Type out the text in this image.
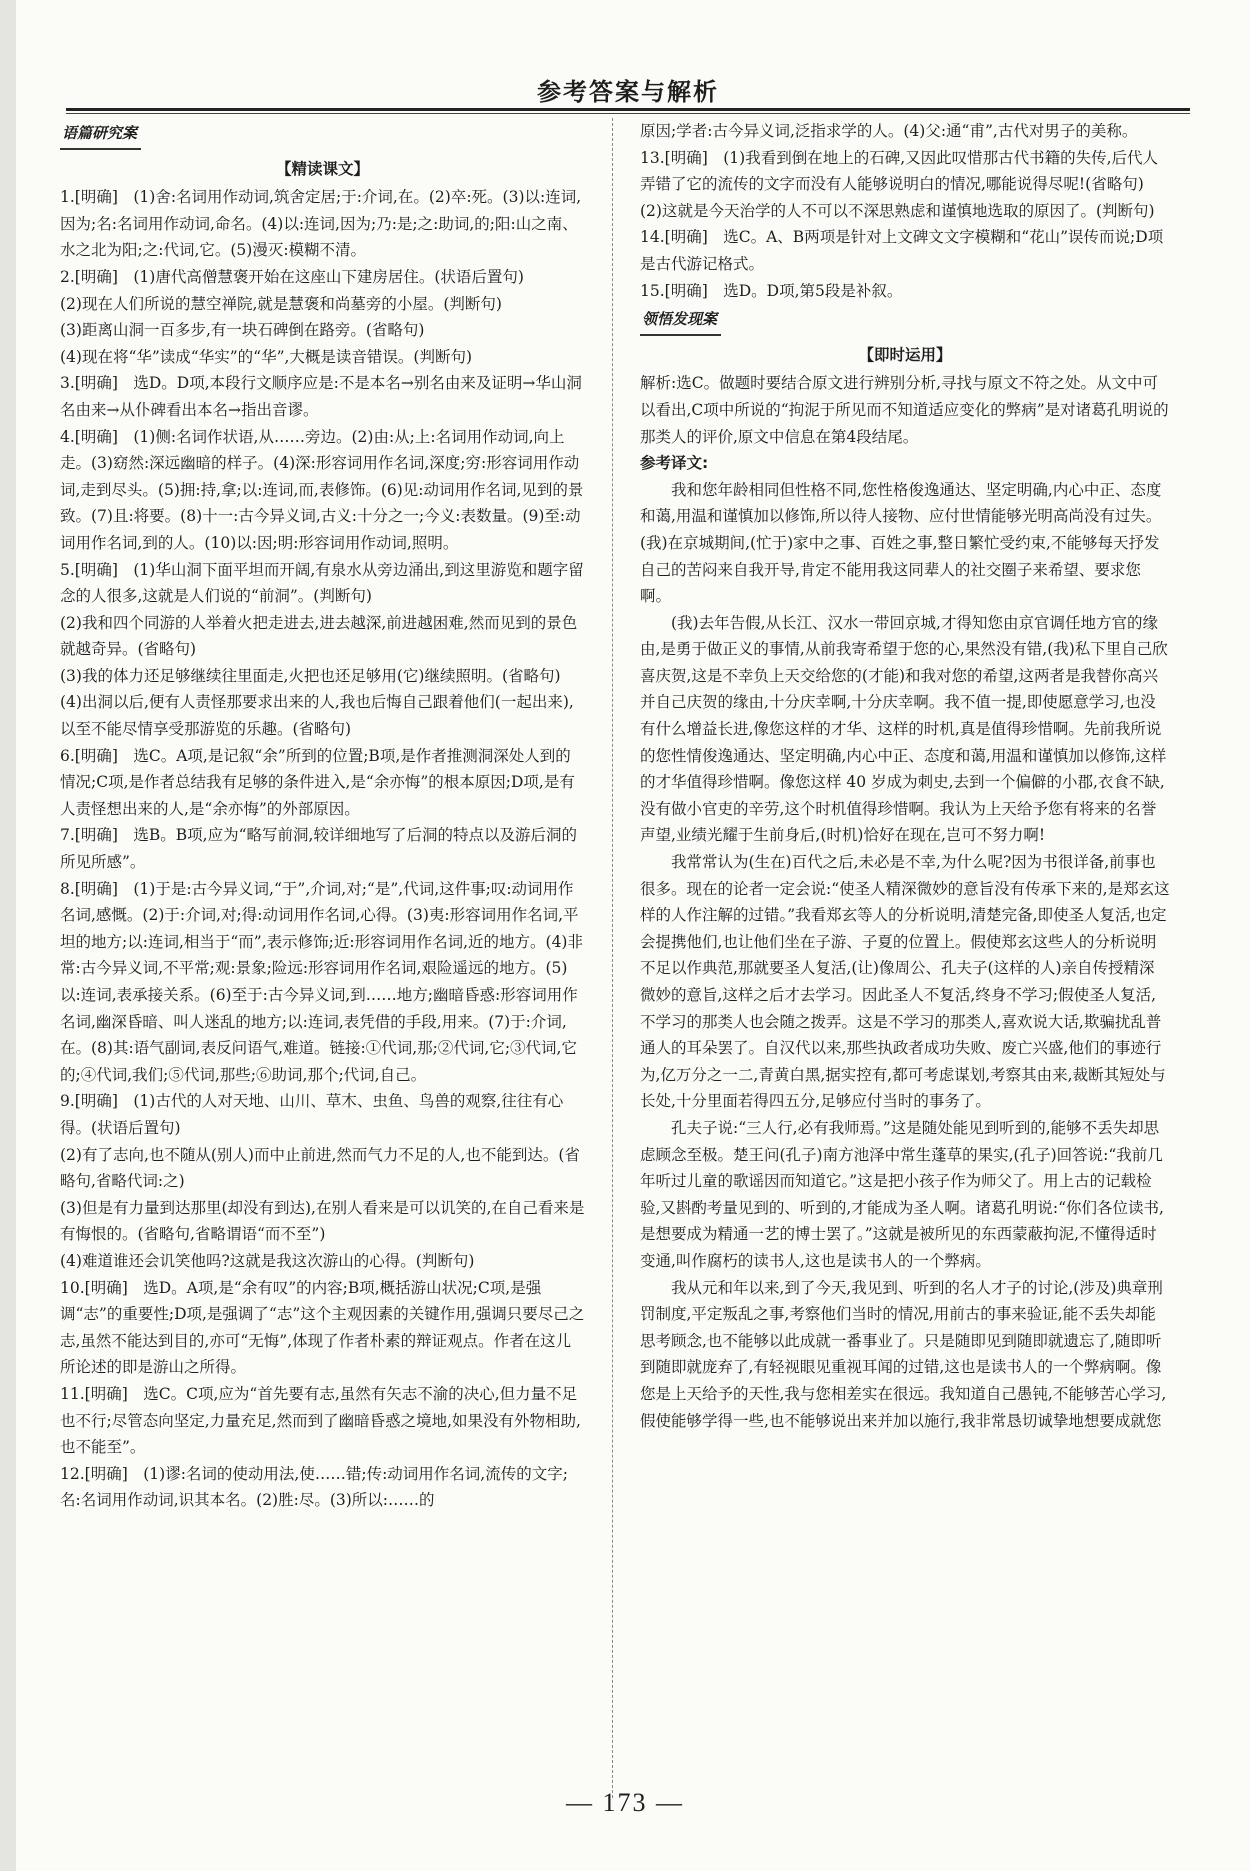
参考答案与解析
语篇研究案
【精读课文】

1.[明确]　(1)舍:名词用作动词,筑舍定居;于:介词,在。(2)卒:死。(3)以:连词,因为;名:名词用作动词,命名。(4)以:连词,因为;乃:是;之:助词,的;阳:山之南、水之北为阳;之:代词,它。(5)漫灭:模糊不清。

2.[明确]　(1)唐代高僧慧褒开始在这座山下建房居住。(状语后置句)

(2)现在人们所说的慧空禅院,就是慧褒和尚墓旁的小屋。(判断句)

(3)距离山洞一百多步,有一块石碑倒在路旁。(省略句)

(4)现在将“华”读成“华实”的“华”,大概是读音错误。(判断句)

3.[明确]　选D。D项,本段行文顺序应是:不是本名→别名由来及证明→华山洞名由来→从仆碑看出本名→指出音谬。

4.[明确]　(1)侧:名词作状语,从……旁边。(2)由:从;上:名词用作动词,向上走。(3)窈然:深远幽暗的样子。(4)深:形容词用作名词,深度;穷:形容词用作动词,走到尽头。(5)拥:持,拿;以:连词,而,表修饰。(6)见:动词用作名词,见到的景致。(7)且:将要。(8)十一:古今异义词,古义:十分之一;今义:表数量。(9)至:动词用作名词,到的人。(10)以:因;明:形容词用作动词,照明。

5.[明确]　(1)华山洞下面平坦而开阔,有泉水从旁边涌出,到这里游览和题字留念的人很多,这就是人们说的“前洞”。(判断句)

(2)我和四个同游的人举着火把走进去,进去越深,前进越困难,然而见到的景色就越奇异。(省略句)

(3)我的体力还足够继续往里面走,火把也还足够用(它)继续照明。(省略句)

(4)出洞以后,便有人责怪那要求出来的人,我也后悔自己跟着他们(一起出来),以至不能尽情享受那游览的乐趣。(省略句)

6.[明确]　选C。A项,是记叙“余”所到的位置;B项,是作者推测洞深处人到的情况;C项,是作者总结我有足够的条件进入,是“余亦悔”的根本原因;D项,是有人责怪想出来的人,是“余亦悔”的外部原因。

7.[明确]　选B。B项,应为“略写前洞,较详细地写了后洞的特点以及游后洞的所见所感”。

8.[明确]　(1)于是:古今异义词,“于”,介词,对;“是”,代词,这件事;叹:动词用作名词,感慨。(2)于:介词,对;得:动词用作名词,心得。(3)夷:形容词用作名词,平坦的地方;以:连词,相当于“而”,表示修饰;近:形容词用作名词,近的地方。(4)非常:古今异义词,不平常;观:景象;险远:形容词用作名词,艰险遥远的地方。(5)以:连词,表承接关系。(6)至于:古今异义词,到……地方;幽暗昏惑:形容词用作名词,幽深昏暗、叫人迷乱的地方;以:连词,表凭借的手段,用来。(7)于:介词,在。(8)其:语气副词,表反问语气,难道。链接:①代词,那;②代词,它;③代词,它的;④代词,我们;⑤代词,那些;⑥助词,那个;代词,自己。

9.[明确]　(1)古代的人对天地、山川、草木、虫鱼、鸟兽的观察,往往有心得。(状语后置句)

(2)有了志向,也不随从(别人)而中止前进,然而气力不足的人,也不能到达。(省略句,省略代词:之)

(3)但是有力量到达那里(却没有到达),在别人看来是可以讥笑的,在自己看来是有悔恨的。(省略句,省略谓语“而不至”)

(4)难道谁还会讥笑他吗?这就是我这次游山的心得。(判断句)

10.[明确]　选D。A项,是“余有叹”的内容;B项,概括游山状况;C项,是强调“志”的重要性;D项,是强调了“志”这个主观因素的关键作用,强调只要尽己之志,虽然不能达到目的,亦可“无悔”,体现了作者朴素的辩证观点。作者在这儿所论述的即是游山之所得。

11.[明确]　选C。C项,应为“首先要有志,虽然有矢志不渝的决心,但力量不足也不行;尽管态向坚定,力量充足,然而到了幽暗昏惑之境地,如果没有外物相助,也不能至”。

12.[明确]　(1)谬:名词的使动用法,使……错;传:动词用作名词,流传的文字;名:名词用作动词,识其本名。(2)胜:尽。(3)所以:……的

原因;学者:古今异义词,泛指求学的人。(4)父:通“甫”,古代对男子的美称。

13.[明确]　(1)我看到倒在地上的石碑,又因此叹惜那古代书籍的失传,后代人弄错了它的流传的文字而没有人能够说明白的情况,哪能说得尽呢!(省略句)

(2)这就是今天治学的人不可以不深思熟虑和谨慎地选取的原因了。(判断句)

14.[明确]　选C。A、B两项是针对上文碑文文字模糊和“花山”误传而说;D项是古代游记格式。

15.[明确]　选D。D项,第5段是补叙。

领悟发现案
【即时运用】

解析:选C。做题时要结合原文进行辨别分析,寻找与原文不符之处。从文中可以看出,C项中所说的“拘泥于所见而不知道适应变化的弊病”是对诸葛孔明说的那类人的评价,原文中信息在第4段结尾。

参考译文:

我和您年龄相同但性格不同,您性格俊逸通达、坚定明确,内心中正、态度和蔼,用温和谨慎加以修饰,所以待人接物、应付世情能够光明高尚没有过失。(我)在京城期间,(忙于)家中之事、百姓之事,整日繁忙受约束,不能够每天抒发自己的苦闷来自我开导,肯定不能用我这同辈人的社交圈子来希望、要求您啊。

(我)去年告假,从长江、汉水一带回京城,才得知您由京官调任地方官的缘由,是勇于做正义的事情,从前我寄希望于您的心,果然没有错,(我)私下里自己欣喜庆贺,这是不幸负上天交给您的(才能)和我对您的希望,这两者是我替你高兴并自己庆贺的缘由,十分庆幸啊,十分庆幸啊。我不值一提,即使愿意学习,也没有什么增益长进,像您这样的才华、这样的时机,真是值得珍惜啊。先前我所说的您性情俊逸通达、坚定明确,内心中正、态度和蔼,用温和谨慎加以修饰,这样的才华值得珍惜啊。像您这样 40 岁成为刺史,去到一个偏僻的小郡,衣食不缺,没有做小官吏的辛劳,这个时机值得珍惜啊。我认为上天给予您有将来的名誉声望,业绩光耀于生前身后,(时机)恰好在现在,岂可不努力啊!

我常常认为(生在)百代之后,未必是不幸,为什么呢?因为书很详备,前事也很多。现在的论者一定会说:“使圣人精深微妙的意旨没有传承下来的,是郑玄这样的人作注解的过错。”我看郑玄等人的分析说明,清楚完备,即使圣人复活,也定会提携他们,也让他们坐在子游、子夏的位置上。假使郑玄这些人的分析说明不足以作典范,那就要圣人复活,(让)像周公、孔夫子(这样的人)亲自传授精深微妙的意旨,这样之后才去学习。因此圣人不复活,终身不学习;假使圣人复活,不学习的那类人也会随之拨弄。这是不学习的那类人,喜欢说大话,欺骗扰乱普通人的耳朵罢了。自汉代以来,那些执政者成功失败、废亡兴盛,他们的事迹行为,亿万分之一二,青黄白黑,据实控有,都可考虑谋划,考察其由来,裁断其短处与长处,十分里面若得四五分,足够应付当时的事务了。

孔夫子说:“三人行,必有我师焉。”这是随处能见到听到的,能够不丢失却思虑顾念至极。楚王问(孔子)南方池泽中常生蓬草的果实,(孔子)回答说:“我前几年听过儿童的歌谣因而知道它。”这是把小孩子作为师父了。用上古的记载检验,又斟酌考量见到的、听到的,才能成为圣人啊。诸葛孔明说:“你们各位读书,是想要成为精通一艺的博士罢了。”这就是被所见的东西蒙蔽拘泥,不懂得适时变通,叫作腐朽的读书人,这也是读书人的一个弊病。

我从元和年以来,到了今天,我见到、听到的名人才子的讨论,(涉及)典章刑罚制度,平定叛乱之事,考察他们当时的情况,用前古的事来验证,能不丢失却能思考顾念,也不能够以此成就一番事业了。只是随即见到随即就遗忘了,随即听到随即就庞弃了,有轻视眼见重视耳闻的过错,这也是读书人的一个弊病啊。像您是上天给予的天性,我与您相差实在很远。我知道自己愚钝,不能够苦心学习,假使能够学得一些,也不能够说出来并加以施行,我非常恳切诚挚地想要成就您

— 173 —
